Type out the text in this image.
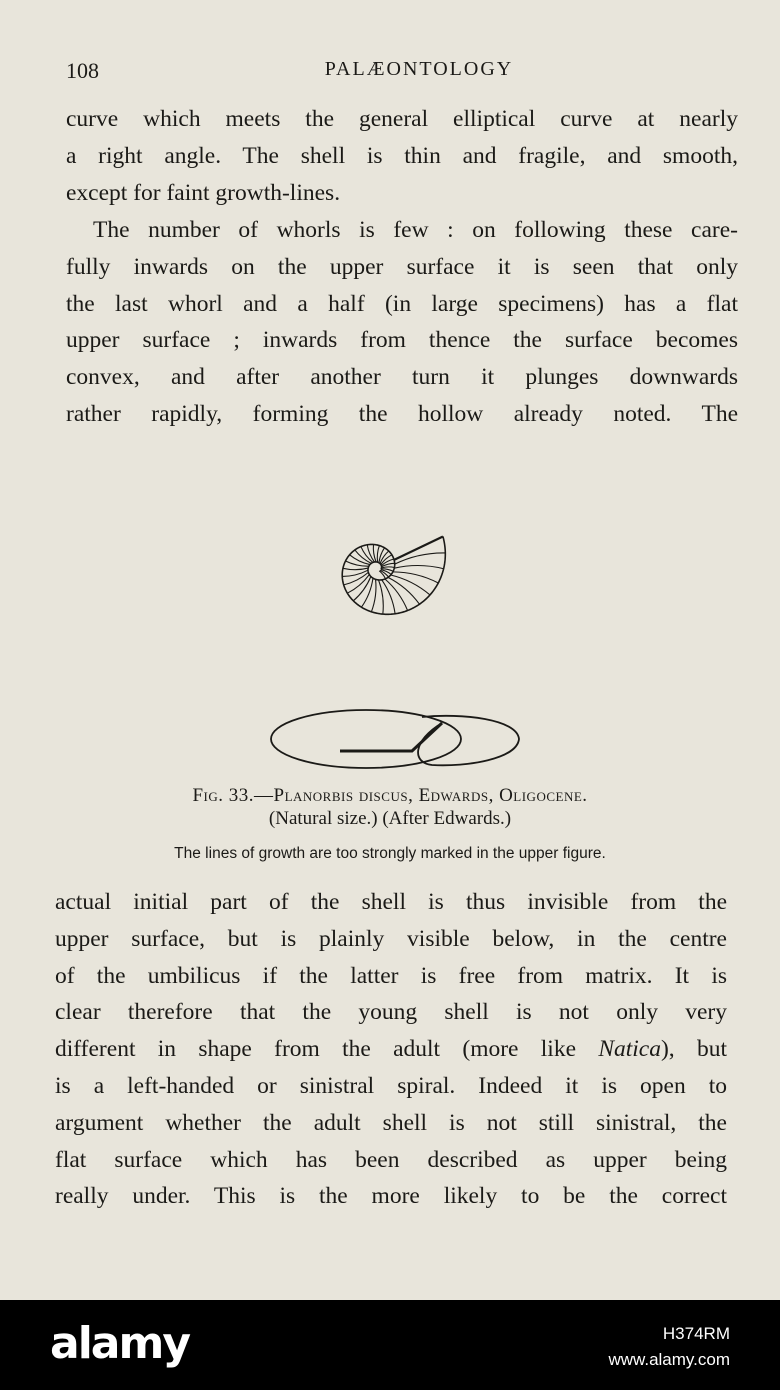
108	PALÆONTOLOGY
curve which meets the general elliptical curve at nearly
a right angle. The shell is thin and fragile, and smooth,
except for faint growth-lines.
The number of whorls is few : on following these care-
fully inwards on the upper surface it is seen that only
the last whorl and a half (in large specimens) has a flat
upper surface ; inwards from thence the surface becomes
convex, and after another turn it plunges downwards
rather rapidly, forming the hollow already noted. The
Fig. 33.—Planorbis discus, Edwards, Oligocene.
(Natural size.) (After Edwards.)
The lines of growth are too strongly marked in the upper figure.
actual initial part of the shell is thus invisible from the
upper surface, but is plainly visible below, in the centre
of the umbilicus if the latter is free from matrix. It is
clear therefore that the young shell is not only very
different in shape from the adult (more like Natica), but
is a left-handed or sinistral spiral. Indeed it is open to
argument whether the adult shell is not still sinistral, the
flat surface which has been described as upper being
really under. This is the more likely to be the correct
alamy	H374RM
www.alamy.com
